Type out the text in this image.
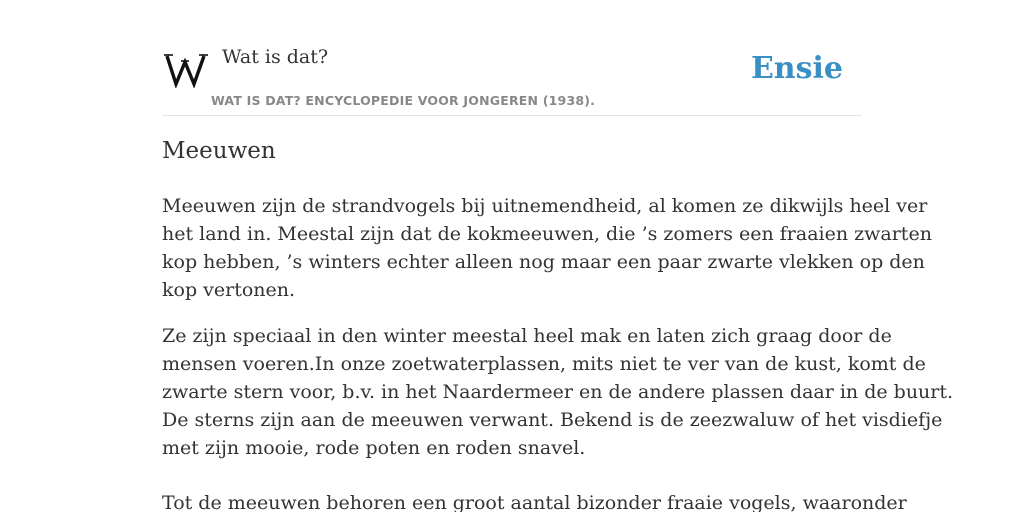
Wat is dat?
WAT IS DAT? ENCYCLOPEDIE VOOR JONGEREN (1938).
Ensie
Meeuwen

Meeuwen zijn de strandvogels bij uitnemendheid, al komen ze dikwijls heel ver
het land in. Meestal zijn dat de kokmeeuwen, die ’s zomers een fraaien zwarten
kop hebben, ’s winters echter alleen nog maar een paar zwarte vlekken op den
kop vertonen.

Ze zijn speciaal in den winter meestal heel mak en laten zich graag door de
mensen voeren.In onze zoetwaterplassen, mits niet te ver van de kust, komt de
zwarte stern voor, b.v. in het Naardermeer en de andere plassen daar in de buurt.
De sterns zijn aan de meeuwen verwant. Bekend is de zeezwaluw of het visdiefje
met zijn mooie, rode poten en roden snavel.

Tot de meeuwen behoren een groot aantal bizonder fraaie vogels, waaronder
